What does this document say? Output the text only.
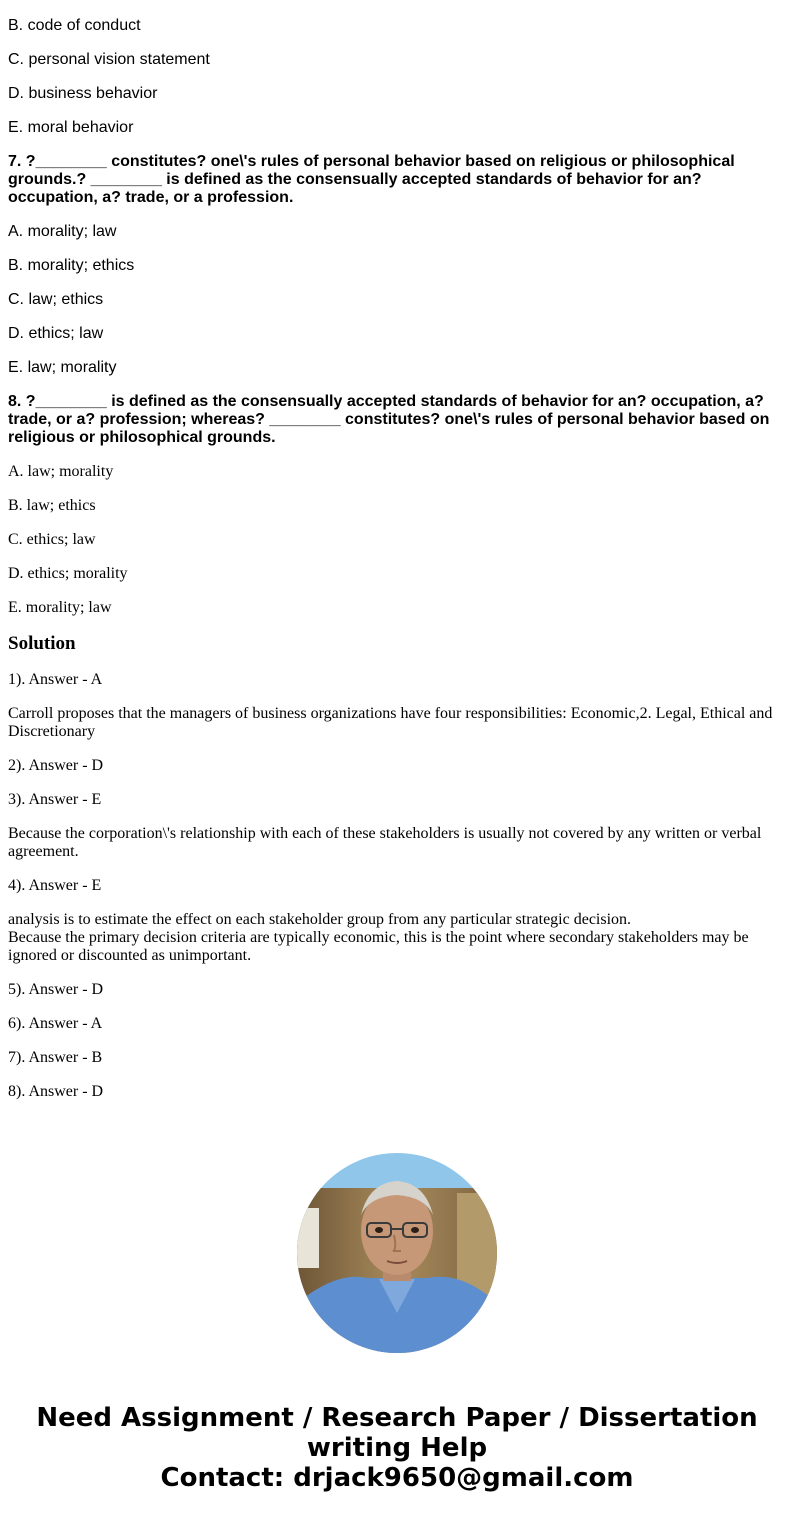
B. code of conduct

C. personal vision statement

D. business behavior

E. moral behavior

7. ?________ constitutes? one\'s rules of personal behavior based on religious or philosophical grounds.? ________ is defined as the consensually accepted standards of behavior for an? occupation, a? trade, or a profession.

A. morality; law

B. morality; ethics

C. law; ethics

D. ethics; law

E. law; morality

8. ?________ is defined as the consensually accepted standards of behavior for an? occupation, a? trade, or a? profession; whereas? ________ constitutes? one\'s rules of personal behavior based on religious or philosophical grounds.

A. law; morality

B. law; ethics

C. ethics; law

D. ethics; morality

E. morality; law

Solution

1). Answer - A

Carroll proposes that the managers of business organizations have four responsibilities: Economic,2. Legal, Ethical and Discretionary

2). Answer - D

3). Answer - E

Because the corporation\'s relationship with each of these stakeholders is usually not covered by any written or verbal agreement.

4). Answer - E

analysis is to estimate the effect on each stakeholder group from any particular strategic decision.
Because the primary decision criteria are typically economic, this is the point where secondary stakeholders may be ignored or discounted as unimportant.

5). Answer - D

6). Answer - A

7). Answer - B

8). Answer - D

Need Assignment / Research Paper / Dissertation
writing Help
Contact: drjack9650@gmail.com
